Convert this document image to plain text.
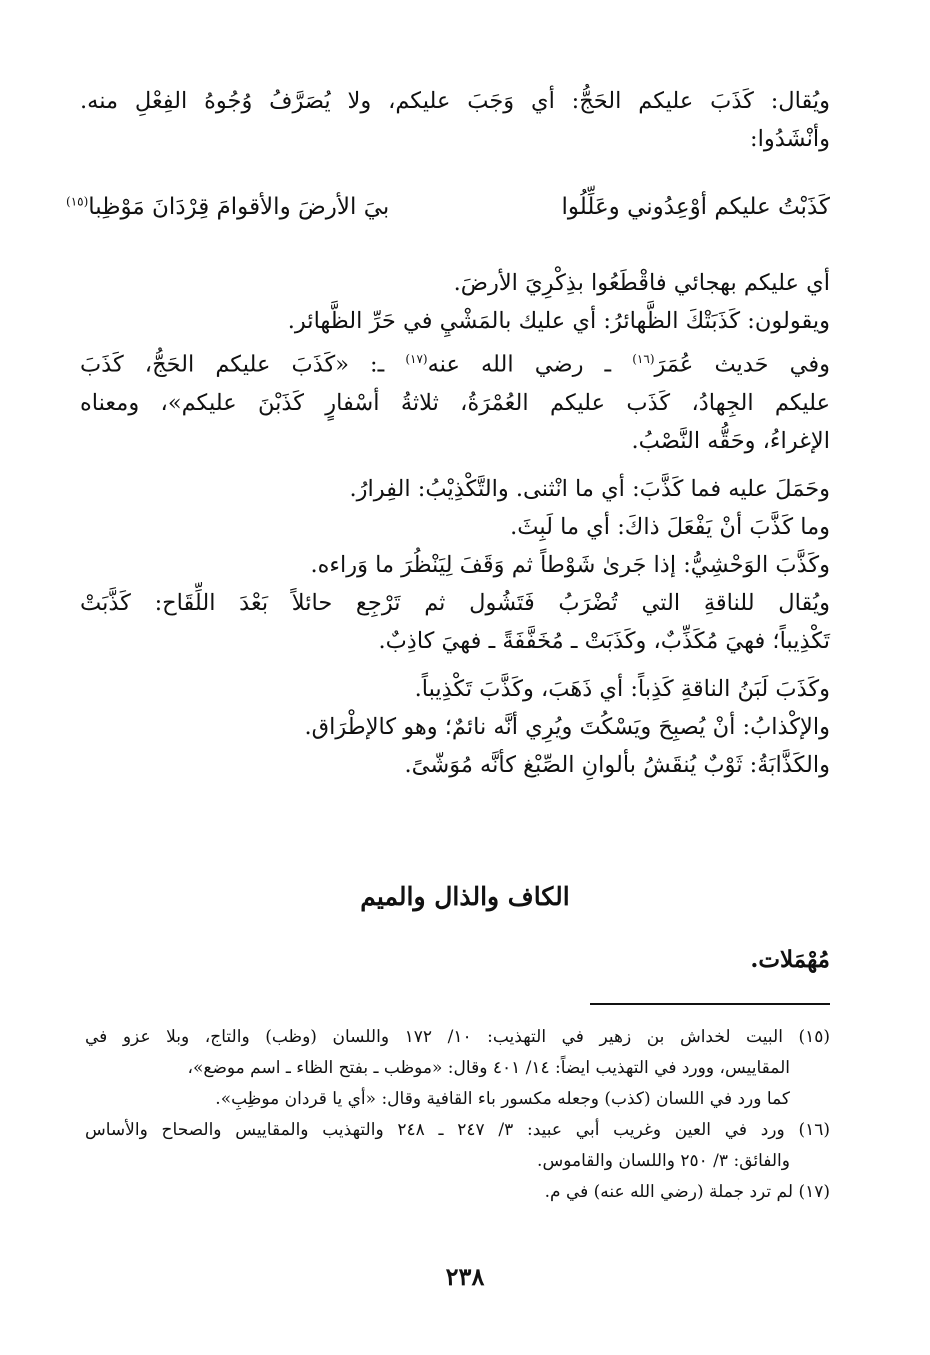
ويُقال: كَذَبَ عليكم الحَجُّ: أي وَجَبَ عليكم، ولا يُصَرَّفُ وُجُوهُ الفِعْلِ منه.
وأنْشَدُوا:
كَذَبْتُ عليكم أوْعِدُوني وعَلِّلُوا
بيَ الأرضَ والأقوامَ قِرْدَانَ مَوْظِبا$^{(١٥)}$
أي عليكم بهجائي فاقْطَعُوا بذِكْرِيَ الأرضَ.
ويقولون: كَذَبَتْكَ الظَّهائرُ: أي عليك بالمَشْيِ في حَرِّ الظَّهائر.
وفي حَديث عُمَرَ$^{(١٦)}$ ـ رضي الله عنه$^{(١٧)}$ ـ: «كَذَبَ عليكم الحَجُّ، كَذَبَ
عليكم الجِهادُ، كَذَب عليكم العُمْرَةُ، ثلاثةُ أسْفارٍ كَذَبْنَ عليكم»، ومعناه
الإغراءُ، وحَقُّه النَّصْبُ.
وحَمَلَ عليه فما كَذَّبَ: أي ما انْثنى. والتَّكْذِيْبُ: الفِرارُ.
وما كَذَّبَ أنْ يَفْعَلَ ذاكَ: أي ما لَبِثَ.
وكَذَّبَ الوَحْشِيُّ: إذا جَرىٰ شَوْطاً ثم وَقَفَ لِيَنْظُرَ ما وَراءه.
ويُقال للناقةِ التي تُضْرَبُ فَتَشُول ثم تَرْجِع حائلاً بَعْدَ اللِّقَاح: كَذَّبَتْ
تَكْذِيباً؛ فهيَ مُكَذِّبٌ، وكَذَبَتْ ـ مُخَفَّفَةً ـ فهيَ كاذِبٌ.
وكَذَبَ لَبَنُ الناقةِ كَذِباً: أي ذَهَبَ، وكَذَّبَ تَكْذِيباً.
والإكْذابُ: أنْ يُصبِحَ ويَسْكُتَ ويُرِي أنَّه نائمٌ؛ وهو كالإطْرَاق.
والكَذَّابَةُ: ثَوْبٌ يُنقَشُ بألوانِ الصِّبْغ كأنَّه مُوَشّىً.
الكاف والذال والميم
مُهْمَلات.
(١٥) البيت لخداش بن زهير في التهذيب: ١٠/ ١٧٢ واللسان (وظب) والتاج، وبلا عزو في
المقاييس، وورد في التهذيب ايضاً: ١٤/ ٤٠١ وقال: «موظب ـ بفتح الظاء ـ اسم موضع»،
كما ورد في اللسان (كذب) وجعله مكسور باء القافية وقال: «أي يا قردان موظِبِ».
(١٦) ورد في العين وغريب أبي عبيد: ٣/ ٢٤٧ ـ ٢٤٨ والتهذيب والمقاييس والصحاح والأساس
والفائق: ٣/ ٢٥٠ واللسان والقاموس.
(١٧) لم ترد جملة (رضي الله عنه) في م.
٢٣٨
